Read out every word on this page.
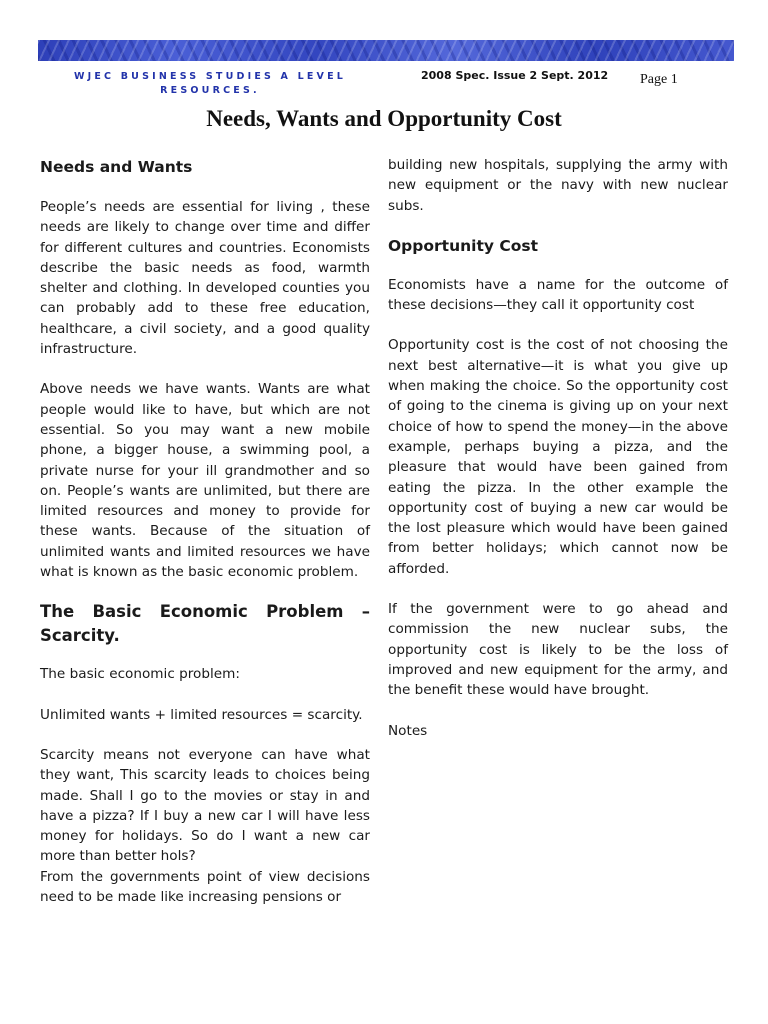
WJEC BUSINESS STUDIES A LEVEL RESOURCES.
2008 Spec. Issue 2 Sept. 2012 Page 1
Needs, Wants and Opportunity Cost
Needs and Wants

People’s needs are essential for living , these needs are likely to change over time and differ for different cultures and countries. Economists describe the basic needs as food, warmth shelter and clothing. In developed counties you can probably add to these free education, healthcare, a civil society, and a good quality infrastructure.

Above needs we have wants. Wants are what people would like to have, but which are not essential. So you may want a new mobile phone, a bigger house, a swimming pool, a private nurse for your ill grandmother and so on. People’s wants are unlimited, but there are limited resources and money to provide for these wants. Because of the situation of unlimited wants and limited resources we have what is known as the basic economic problem.

The Basic Economic Problem – Scarcity.

The basic economic problem:

Unlimited wants + limited resources = scarcity.

Scarcity means not everyone can have what they want, This scarcity leads to choices being made. Shall I go to the movies or stay in and have a pizza? If I buy a new car I will have less money for holidays. So do I want a new car more than better hols?

From the governments point of view decisions need to be made like increasing pensions or

building new hospitals, supplying the army with new equipment or the navy with new nuclear subs.

Opportunity Cost

Economists have a name for the outcome of these decisions—they call it opportunity cost

Opportunity cost is the cost of not choosing the next best alternative—it is what you give up when making the choice. So the opportunity cost of going to the cinema is giving up on your next choice of how to spend the money—in the above example, perhaps buying a pizza, and the pleasure that would have been gained from eating the pizza. In the other example the opportunity cost of buying a new car would be the lost pleasure which would have been gained from better holidays; which cannot now be afforded.

If the government were to go ahead and commission the new nuclear subs, the opportunity cost is likely to be the loss of improved and new equipment for the army, and the benefit these would have brought.

Notes
